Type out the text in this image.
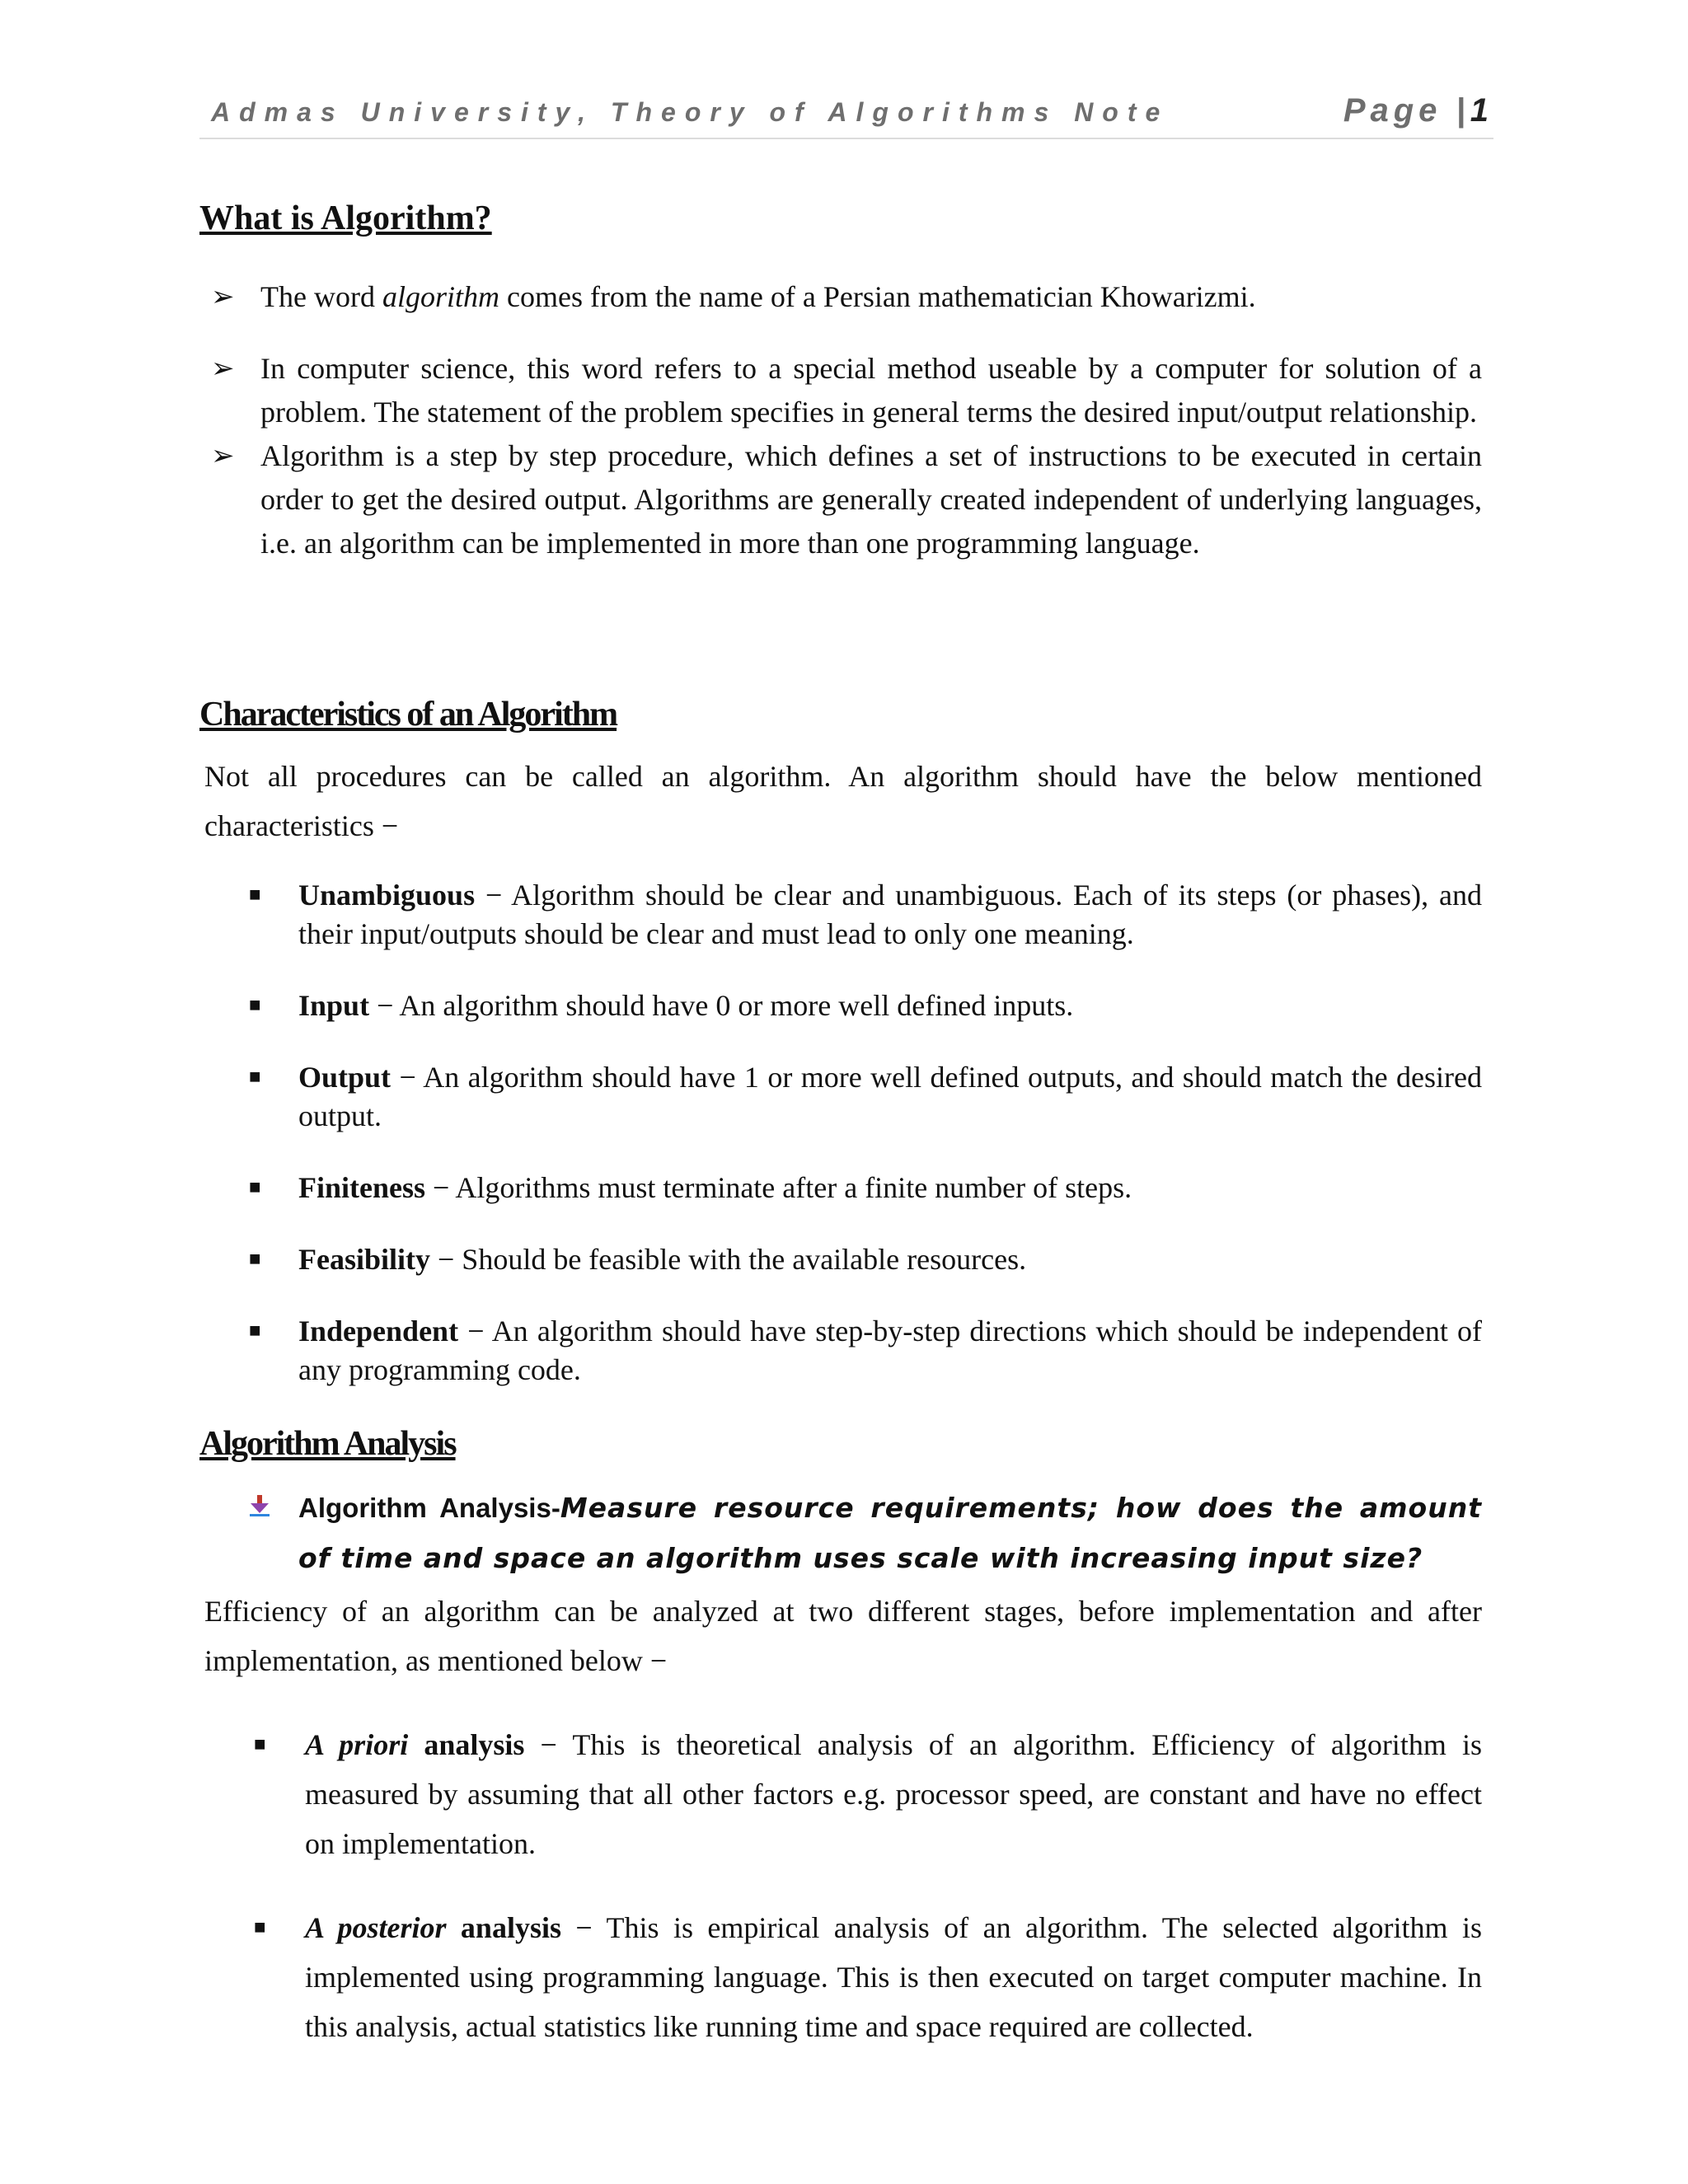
Admas University, Theory of Algorithms Note	Page |1
What is Algorithm?
➢ The word algorithm comes from the name of a Persian mathematician Khowarizmi.
➢ In computer science, this word refers to a special method useable by a computer for solution of a problem. The statement of the problem specifies in general terms the desired input/output relationship.
➢ Algorithm is a step by step procedure, which defines a set of instructions to be executed in certain order to get the desired output. Algorithms are generally created independent of underlying languages, i.e. an algorithm can be implemented in more than one programming language.
Characteristics of an Algorithm

Not all procedures can be called an algorithm. An algorithm should have the below mentioned characteristics −

■ Unambiguous − Algorithm should be clear and unambiguous. Each of its steps (or phases), and their input/outputs should be clear and must lead to only one meaning.
■ Input − An algorithm should have 0 or more well defined inputs.
■ Output − An algorithm should have 1 or more well defined outputs, and should match the desired output.
■ Finiteness − Algorithms must terminate after a finite number of steps.
■ Feasibility − Should be feasible with the available resources.
■ Independent − An algorithm should have step-by-step directions which should be independent of any programming code.
Algorithm Analysis
Algorithm Analysis-Measure resource requirements; how does the amount of time and space an algorithm uses scale with increasing input size?

Efficiency of an algorithm can be analyzed at two different stages, before implementation and after implementation, as mentioned below −

■ A priori analysis − This is theoretical analysis of an algorithm. Efficiency of algorithm is measured by assuming that all other factors e.g. processor speed, are constant and have no effect on implementation.
■ A posterior analysis − This is empirical analysis of an algorithm. The selected algorithm is implemented using programming language. This is then executed on target computer machine. In this analysis, actual statistics like running time and space required are collected.
